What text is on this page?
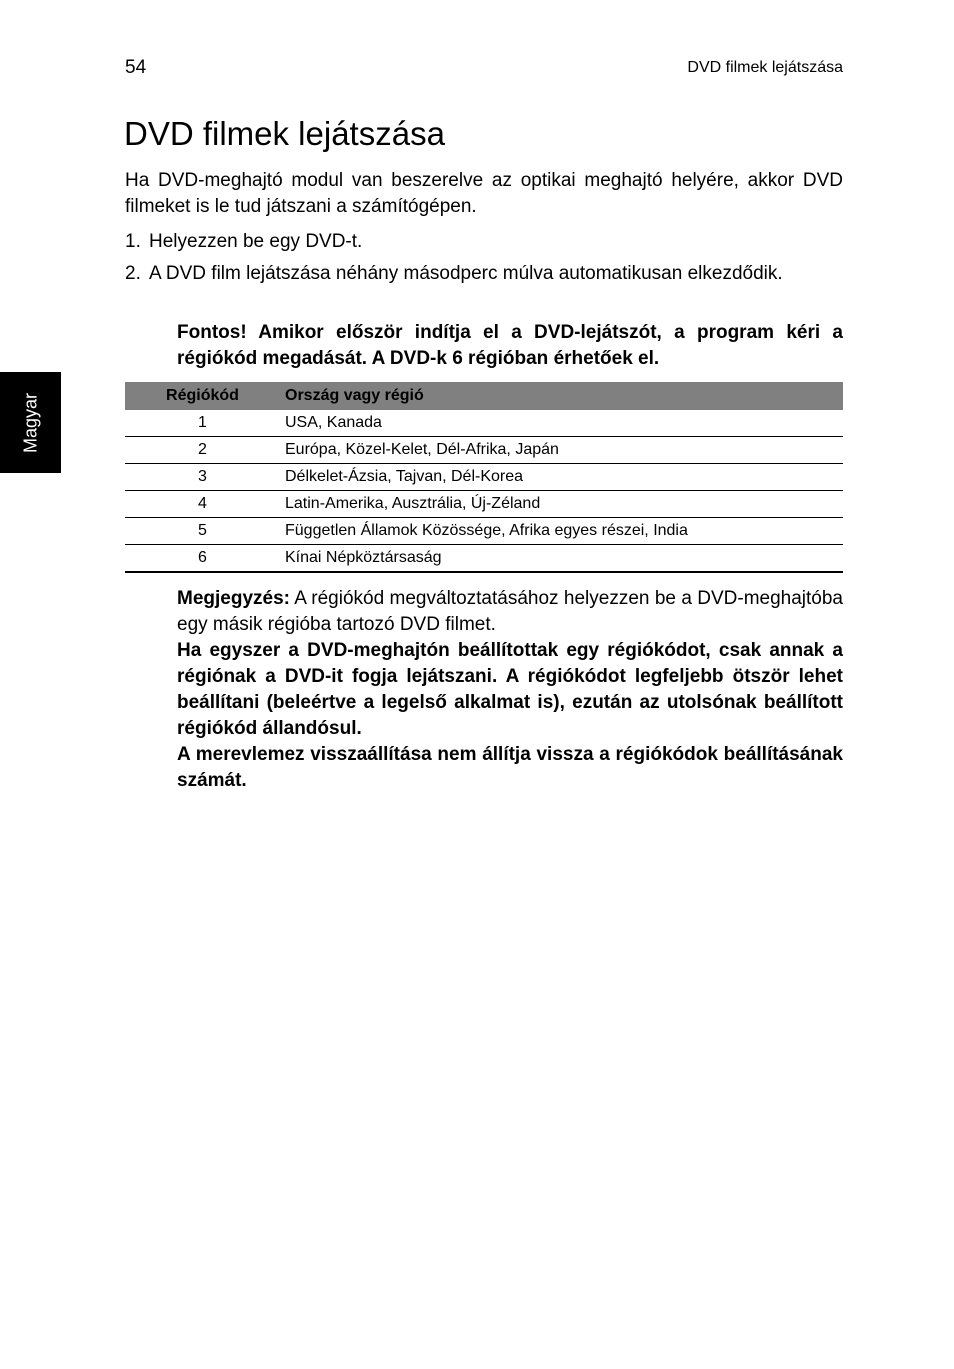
54	DVD filmek lejátszása
Magyar
DVD filmek lejátszása

Ha DVD-meghajtó modul van beszerelve az optikai meghajtó helyére, akkor DVD filmeket is le tud játszani a számítógépen.

1. Helyezzen be egy DVD-t.
2. A DVD film lejátszása néhány másodperc múlva automatikusan elkezdődik.

Fontos! Amikor először indítja el a DVD-lejátszót, a program kéri a régiókód megadását. A DVD-k 6 régióban érhetőek el.

Régiókód	Ország vagy régió
1	USA, Kanada
2	Európa, Közel-Kelet, Dél-Afrika, Japán
3	Délkelet-Ázsia, Tajvan, Dél-Korea
4	Latin-Amerika, Ausztrália, Új-Zéland
5	Független Államok Közössége, Afrika egyes részei, India
6	Kínai Népköztársaság

Megjegyzés: A régiókód megváltoztatásához helyezzen be a DVD-meghajtóba egy másik régióba tartozó DVD filmet.

Ha egyszer a DVD-meghajtón beállítottak egy régiókódot, csak annak a régiónak a DVD-it fogja lejátszani. A régiókódot legfeljebb ötször lehet beállítani (beleértve a legelső alkalmat is), ezután az utolsónak beállított régiókód állandósul.

A merevlemez visszaállítása nem állítja vissza a régiókódok beállításának számát.
